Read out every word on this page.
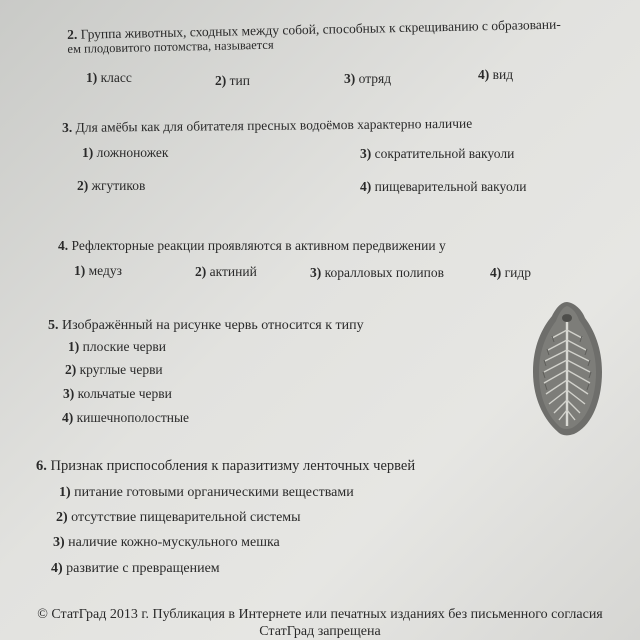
2. Группа животных, сходных между собой, способных к скрещиванию с образовани-
ем плодовитого потомства, называется
1) класс	2) тип	3) отряд	4) вид
3. Для амёбы как для обитателя пресных водоёмов характерно наличие
1) ложноножек	3) сократительной вакуоли
2) жгутиков	4) пищеварительной вакуоли
4. Рефлекторные реакции проявляются в активном передвижении у
1) медуз	2) актиний	3) коралловых полипов	4) гидр
5. Изображённый на рисунке червь относится к типу
1) плоские черви
2) круглые черви
3) кольчатые черви
4) кишечнополостные
6. Признак приспособления к паразитизму ленточных червей
1) питание готовыми органическими веществами
2) отсутствие пищеварительной системы
3) наличие кожно-мускульного мешка
4) развитие с превращением
© СтатГрад 2013 г. Публикация в Интернете или печатных изданиях без письменного согласия
СтатГрад запрещена
